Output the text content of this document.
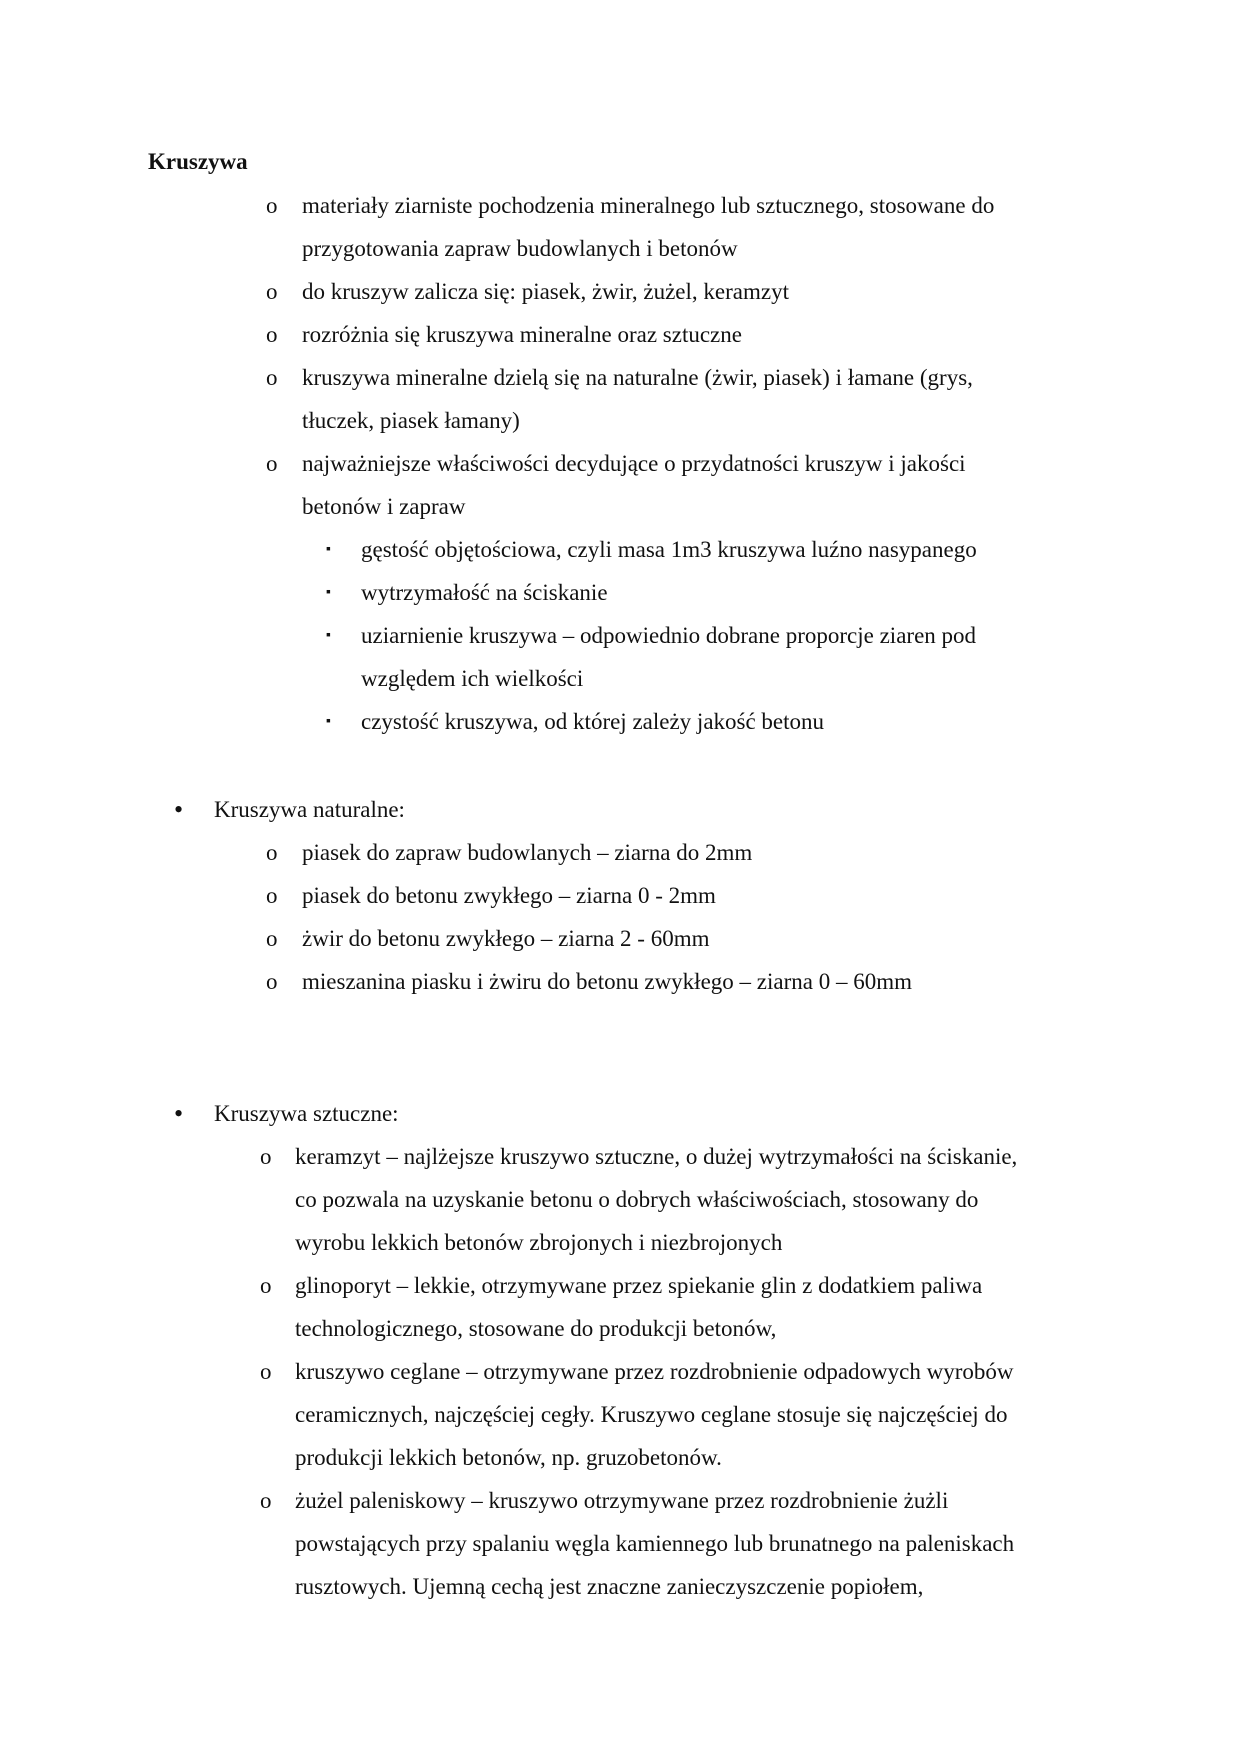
Kruszywa
o materiały ziarniste pochodzenia mineralnego lub sztucznego, stosowane do
przygotowania zapraw budowlanych i betonów
o do kruszyw zalicza się: piasek, żwir, żużel, keramzyt
o rozróżnia się kruszywa mineralne oraz sztuczne
o kruszywa mineralne dzielą się na naturalne (żwir, piasek) i łamane (grys,
tłuczek, piasek łamany)
o najważniejsze właściwości decydujące o przydatności kruszyw i jakości
betonów i zapraw
▪ gęstość objętościowa, czyli masa 1m3 kruszywa luźno nasypanego
▪ wytrzymałość na ściskanie
▪ uziarnienie kruszywa – odpowiednio dobrane proporcje ziaren pod
względem ich wielkości
▪ czystość kruszywa, od której zależy jakość betonu
• Kruszywa naturalne:
o piasek do zapraw budowlanych – ziarna do 2mm
o piasek do betonu zwykłego – ziarna 0 - 2mm
o żwir do betonu zwykłego – ziarna 2 - 60mm
o mieszanina piasku i żwiru do betonu zwykłego – ziarna 0 – 60mm
• Kruszywa sztuczne:
o keramzyt – najlżejsze kruszywo sztuczne, o dużej wytrzymałości na ściskanie,
co pozwala na uzyskanie betonu o dobrych właściwościach, stosowany do
wyrobu lekkich betonów zbrojonych i niezbrojonych
o glinoporyt – lekkie, otrzymywane przez spiekanie glin z dodatkiem paliwa
technologicznego, stosowane do produkcji betonów,
o kruszywo ceglane – otrzymywane przez rozdrobnienie odpadowych wyrobów
ceramicznych, najczęściej cegły. Kruszywo ceglane stosuje się najczęściej do
produkcji lekkich betonów, np. gruzobetonów.
o żużel paleniskowy – kruszywo otrzymywane przez rozdrobnienie żużli
powstających przy spalaniu węgla kamiennego lub brunatnego na paleniskach
rusztowych. Ujemną cechą jest znaczne zanieczyszczenie popiołem,
